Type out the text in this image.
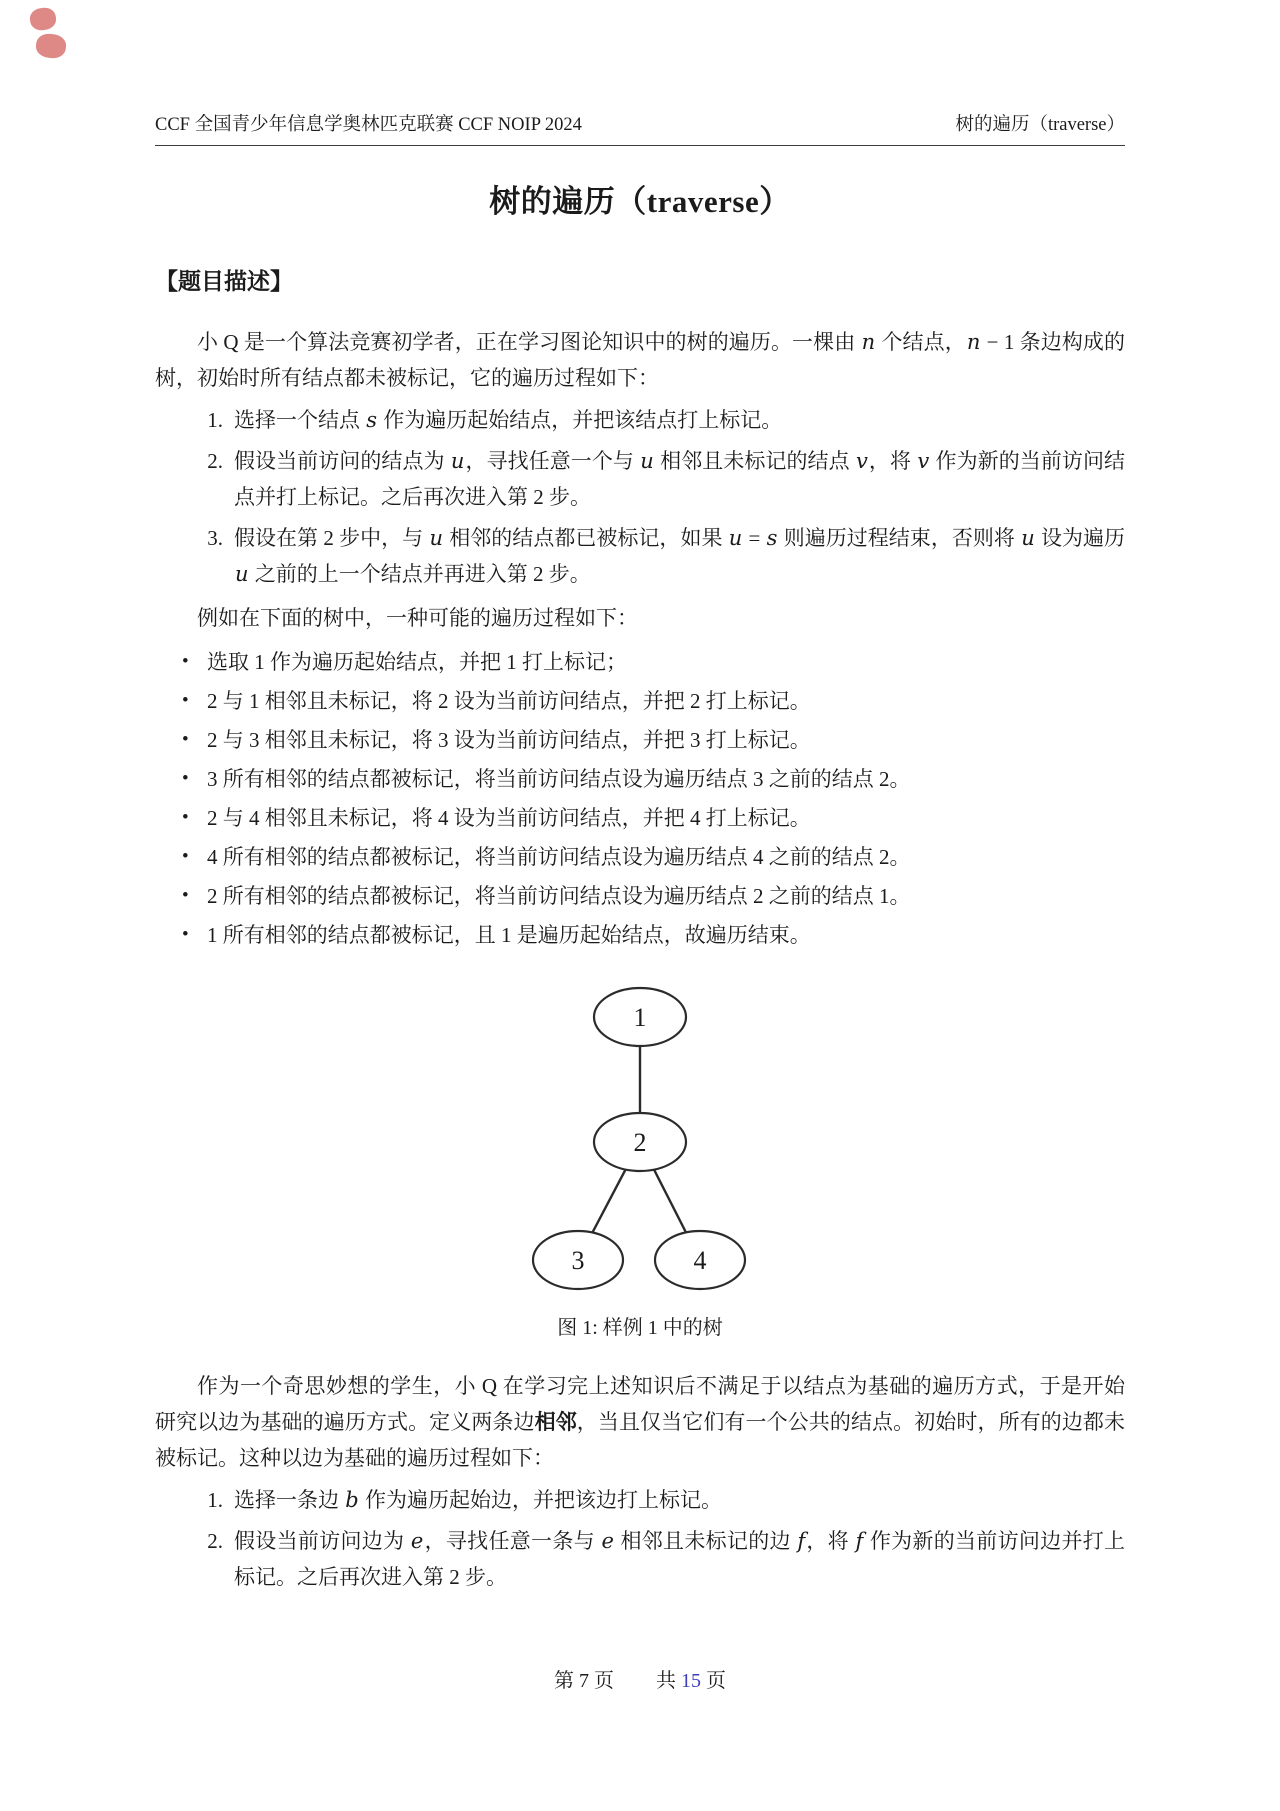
CCF 全国青少年信息学奥林匹克联赛 CCF NOIP 2024	树的遍历（traverse）
树的遍历（traverse）
【题目描述】

小 Q 是一个算法竞赛初学者，正在学习图论知识中的树的遍历。一棵由 n 个结点，n − 1 条边构成的树，初始时所有结点都未被标记，它的遍历过程如下：

1. 选择一个结点 s 作为遍历起始结点，并把该结点打上标记。
2. 假设当前访问的结点为 u，寻找任意一个与 u 相邻且未标记的结点 v，将 v 作为新的当前访问结点并打上标记。之后再次进入第 2 步。
3. 假设在第 2 步中，与 u 相邻的结点都已被标记，如果 u = s 则遍历过程结束，否则将 u 设为遍历 u 之前的上一个结点并再进入第 2 步。

例如在下面的树中，一种可能的遍历过程如下：

• 选取 1 作为遍历起始结点，并把 1 打上标记；
• 2 与 1 相邻且未标记，将 2 设为当前访问结点，并把 2 打上标记。
• 2 与 3 相邻且未标记，将 3 设为当前访问结点，并把 3 打上标记。
• 3 所有相邻的结点都被标记，将当前访问结点设为遍历结点 3 之前的结点 2。
• 2 与 4 相邻且未标记，将 4 设为当前访问结点，并把 4 打上标记。
• 4 所有相邻的结点都被标记，将当前访问结点设为遍历结点 4 之前的结点 2。
• 2 所有相邻的结点都被标记，将当前访问结点设为遍历结点 2 之前的结点 1。
• 1 所有相邻的结点都被标记，且 1 是遍历起始结点，故遍历结束。
1
2
3	4
图 1: 样例 1 中的树

作为一个奇思妙想的学生，小 Q 在学习完上述知识后不满足于以结点为基础的遍历方式，于是开始研究以边为基础的遍历方式。定义两条边相邻，当且仅当它们有一个公共的结点。初始时，所有的边都未被标记。这种以边为基础的遍历过程如下：

1. 选择一条边 b 作为遍历起始边，并把该边打上标记。
2. 假设当前访问边为 e，寻找任意一条与 e 相邻且未标记的边 f，将 f 作为新的当前访问边并打上标记。之后再次进入第 2 步。
第 7 页 共 15 页
